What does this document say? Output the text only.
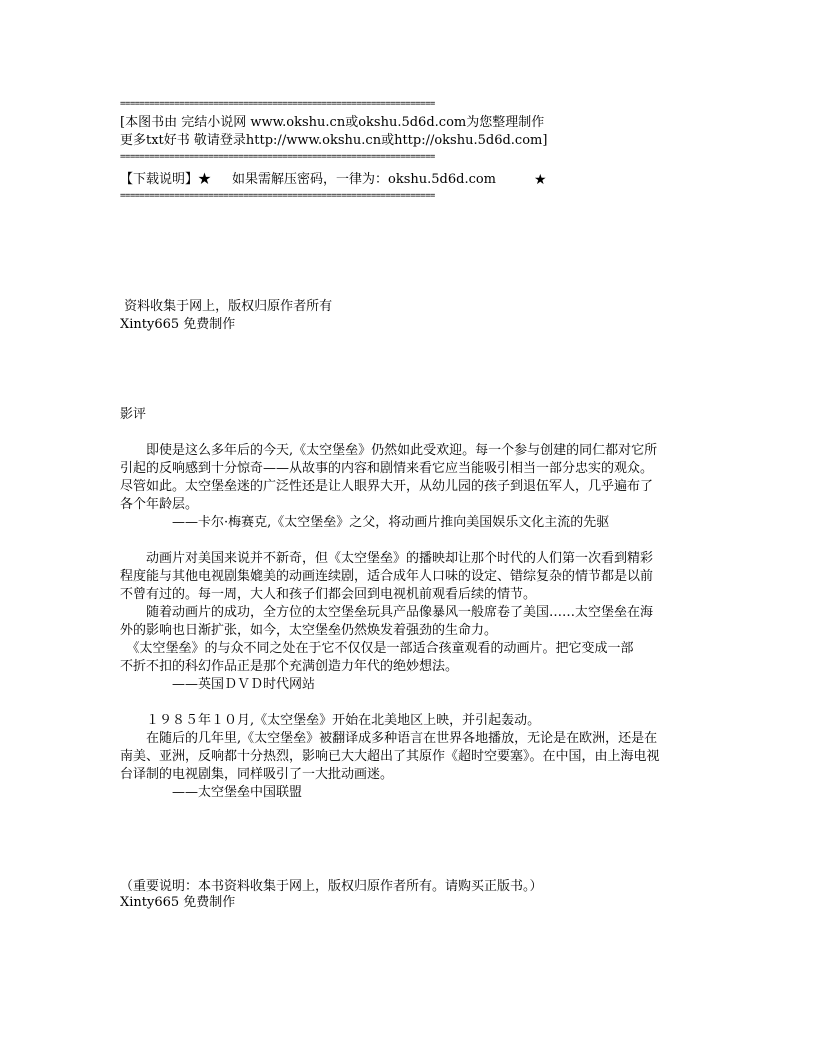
================================================================
[本图书由 完结小说网 www.okshu.cn或okshu.5d6d.com为您整理制作
更多txt好书 敬请登录http://www.okshu.cn或http://okshu.5d6d.com]
================================================================
【下载说明】★ 如果需解压密码，一律为：okshu.5d6d.com	★
================================================================
资料收集于网上，版权归原作者所有
Xinty665 免费制作
影评
　　即使是这么多年后的今天,《太空堡垒》仍然如此受欢迎。每一个参与创建的同仁都对它所
引起的反响感到十分惊奇——从故事的内容和剧情来看它应当能吸引相当一部分忠实的观众。
尽管如此。太空堡垒迷的广泛性还是让人眼界大开，从幼儿园的孩子到退伍军人，几乎遍布了
各个年龄层。
　　　　——卡尔·梅赛克,《太空堡垒》之父，将动画片推向美国娱乐文化主流的先驱
　　动画片对美国来说并不新奇，但《太空堡垒》的播映却让那个时代的人们第一次看到精彩
程度能与其他电视剧集媲美的动画连续剧，适合成年人口味的设定、错综复杂的情节都是以前
不曾有过的。每一周，大人和孩子们都会回到电视机前观看后续的情节。
　　随着动画片的成功，全方位的太空堡垒玩具产品像暴风一般席卷了美国……太空堡垒在海
外的影响也日渐扩张，如今，太空堡垒仍然焕发着强劲的生命力。
　《太空堡垒》的与众不同之处在于它不仅仅是一部适合孩童观看的动画片。把它变成一部
不折不扣的科幻作品正是那个充满创造力年代的绝妙想法。
　　　　——英国ＤＶＤ时代网站
　　１９８５年１０月,《太空堡垒》开始在北美地区上映，并引起轰动。
　　在随后的几年里,《太空堡垒》被翻译成多种语言在世界各地播放，无论是在欧洲，还是在
南美、亚洲，反响都十分热烈，影响已大大超出了其原作《超时空要塞》。在中国，由上海电视
台译制的电视剧集，同样吸引了一大批动画迷。
　　　　——太空堡垒中国联盟
（重要说明：本书资料收集于网上，版权归原作者所有。请购买正版书。）
Xinty665 免费制作
